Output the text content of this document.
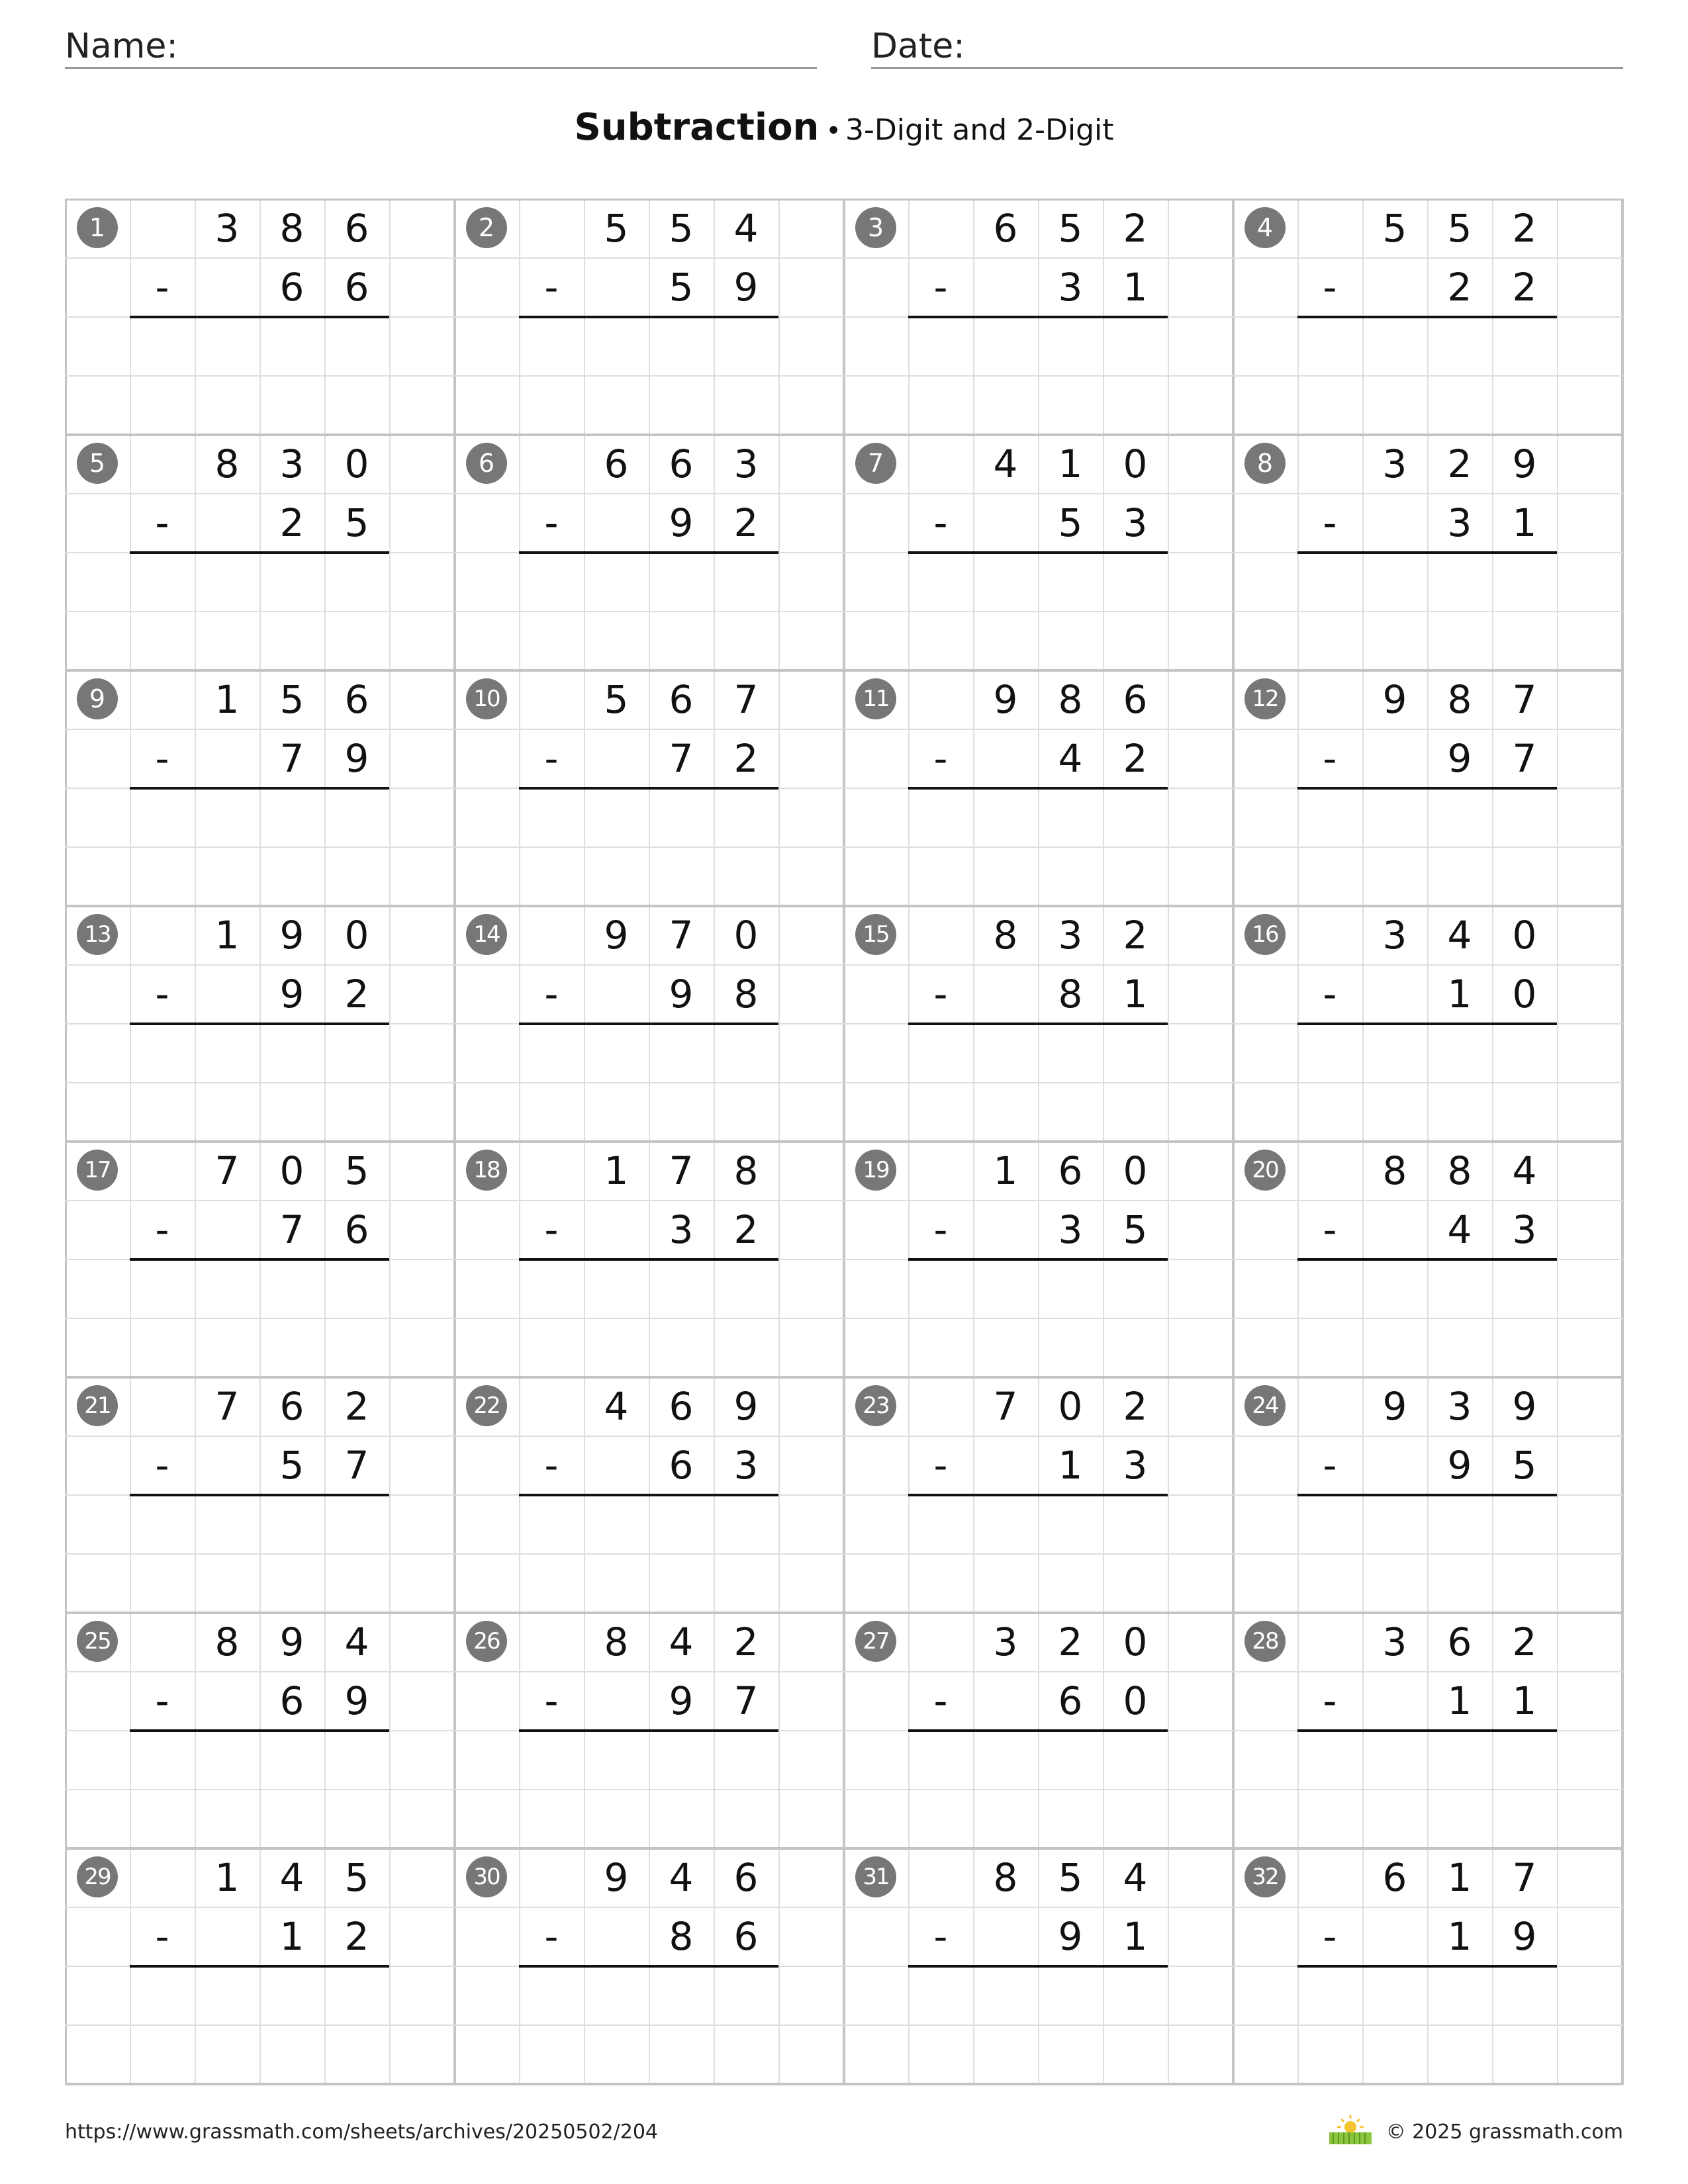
Name:	Date:
Subtraction • 3-Digit and 2-Digit
1	3	8	6
-	6	6
2	5	5	4
-	5	9
3	6	5	2
-	3	1
4	5	5	2
-	2	2
5	8	3	0
-	2	5
6	6	6	3
-	9	2
7	4	1	0
-	5	3
8	3	2	9
-	3	1
9	1	5	6
-	7	9
10	5	6	7
-	7	2
11	9	8	6
-	4	2
12	9	8	7
-	9	7
13	1	9	0
-	9	2
14	9	7	0
-	9	8
15	8	3	2
-	8	1
16	3	4	0
-	1	0
17	7	0	5
-	7	6
18	1	7	8
-	3	2
19	1	6	0
-	3	5
20	8	8	4
-	4	3
21	7	6	2
-	5	7
22	4	6	9
-	6	3
23	7	0	2
-	1	3
24	9	3	9
-	9	5
25	8	9	4
-	6	9
26	8	4	2
-	9	7
27	3	2	0
-	6	0
28	3	6	2
-	1	1
29	1	4	5
-	1	2
30	9	4	6
-	8	6
31	8	5	4
-	9	1
32	6	1	7
-	1	9
https://www.grassmath.com/sheets/archives/20250502/204	© 2025 grassmath.com
